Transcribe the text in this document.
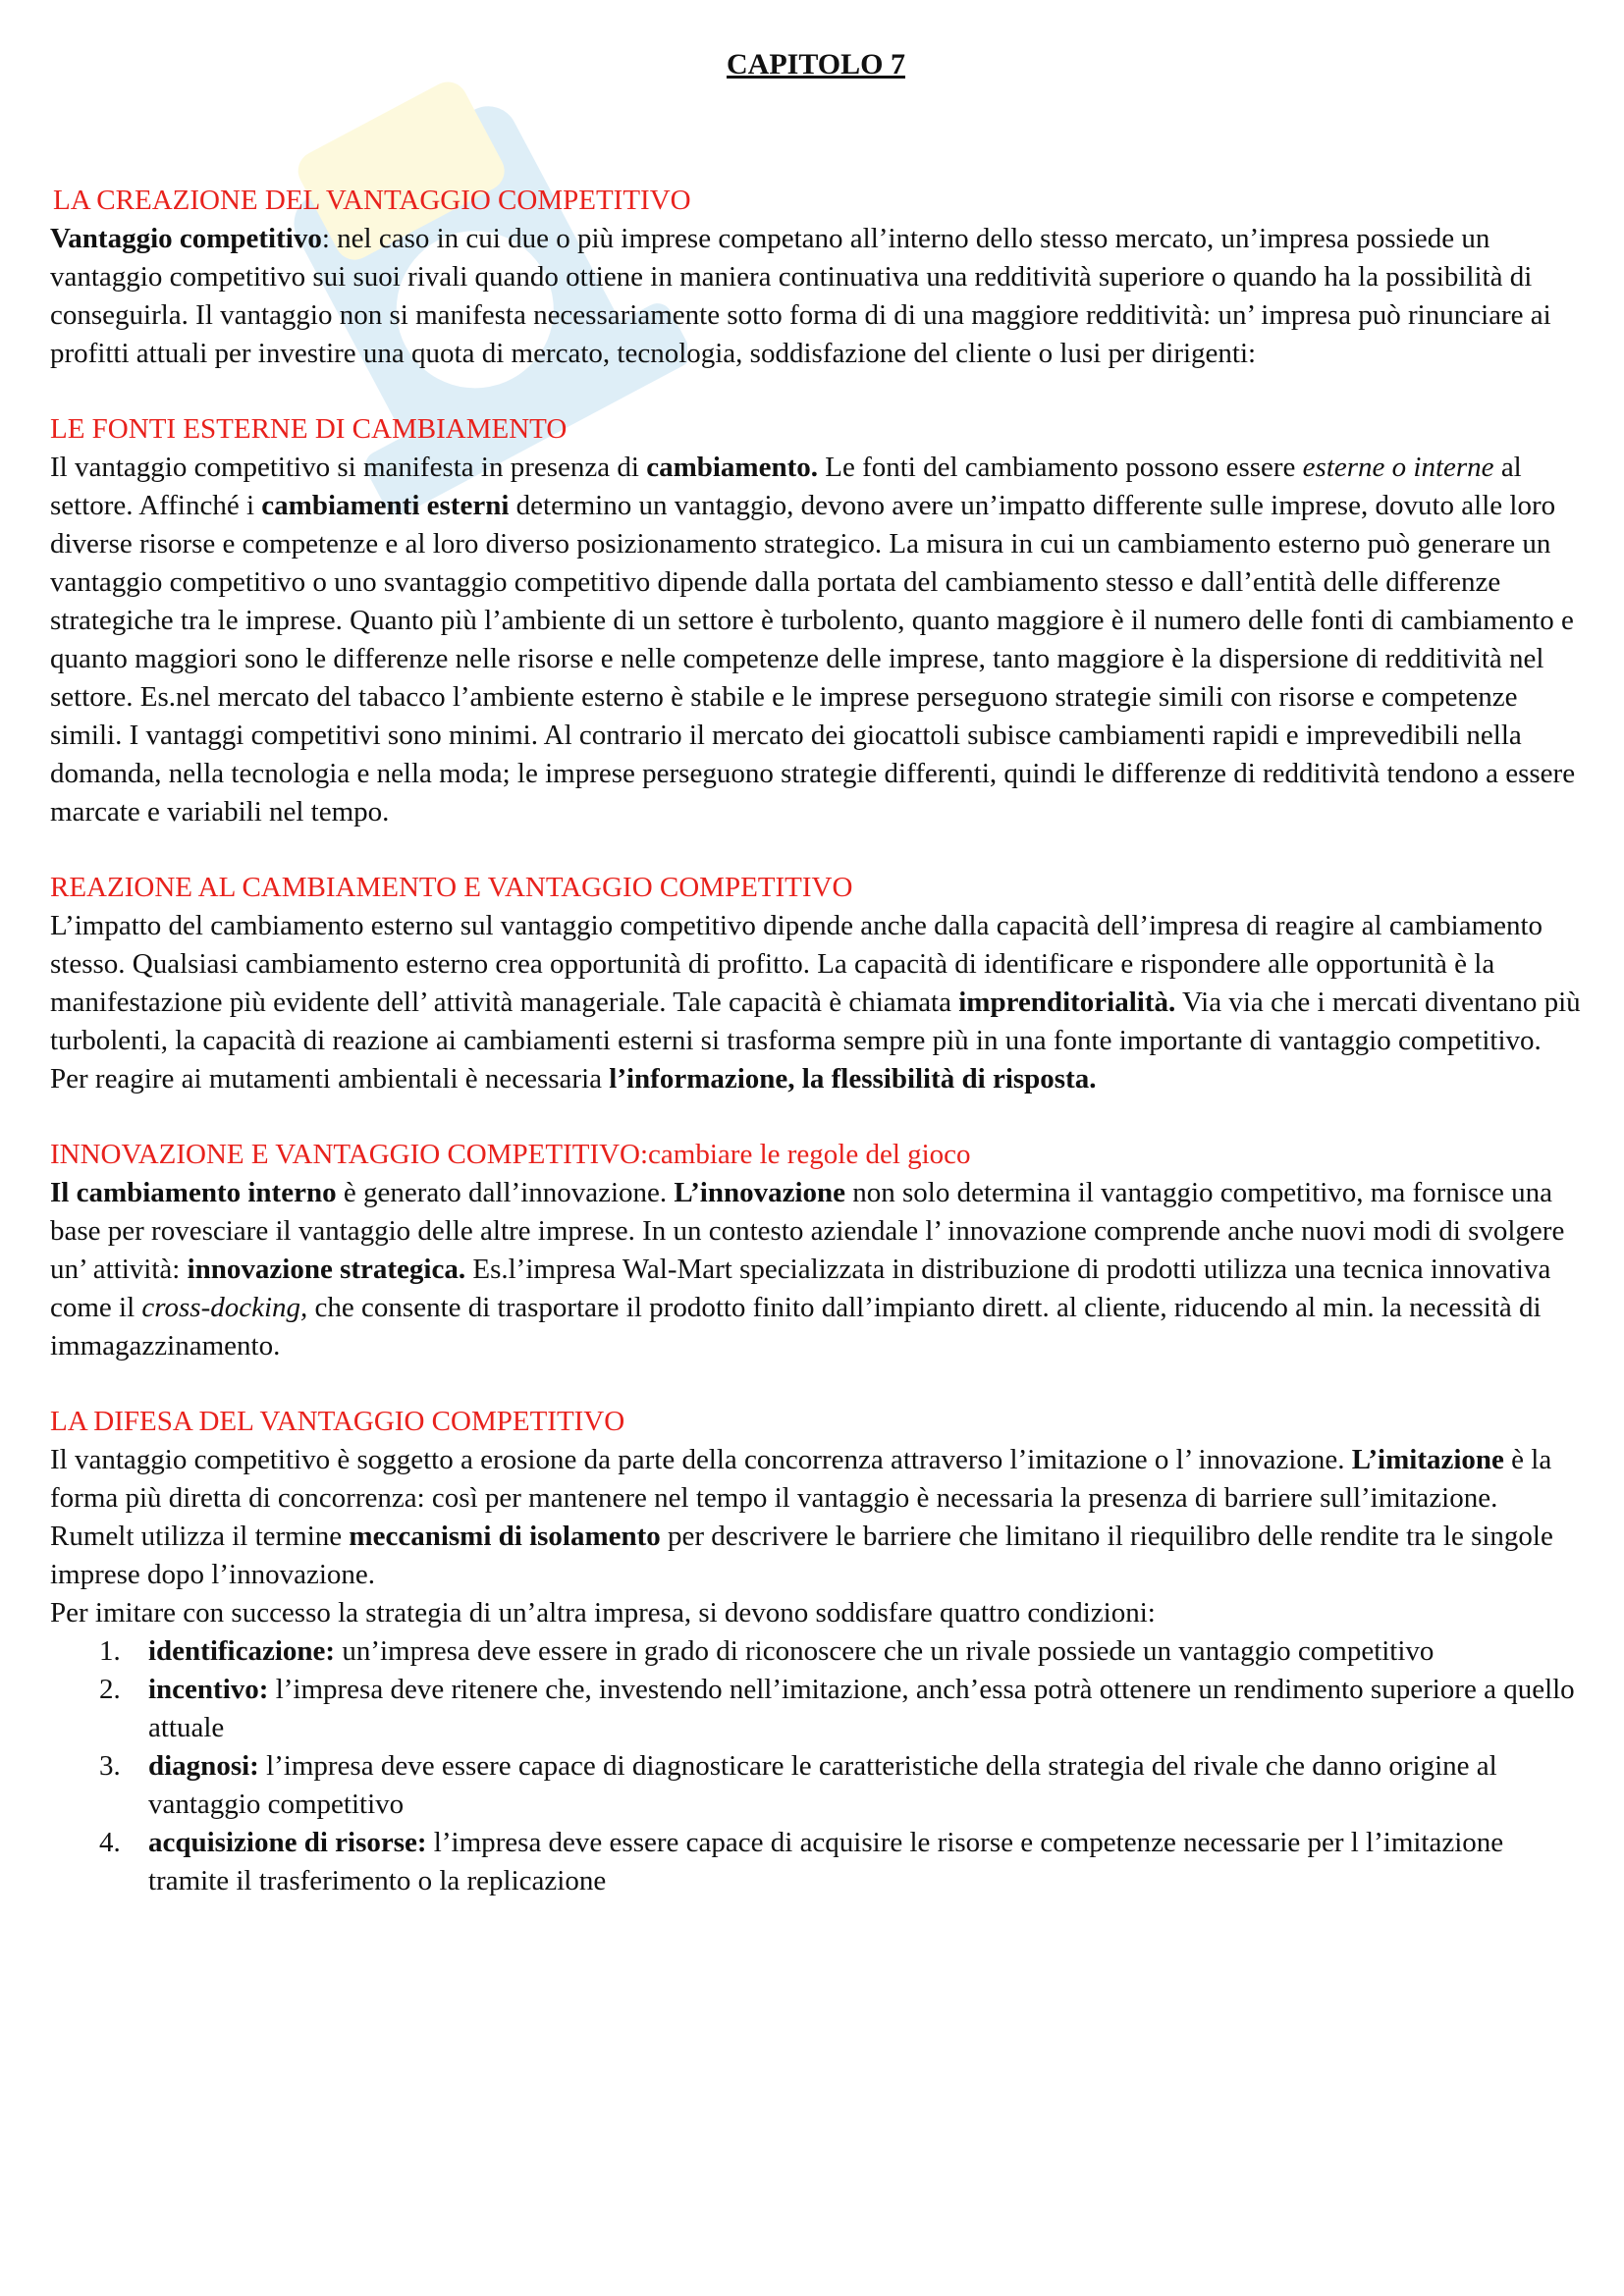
CAPITOLO 7
LA CREAZIONE DEL VANTAGGIO COMPETITIVO

Vantaggio competitivo: nel caso in cui due o più imprese competano all’interno dello stesso mercato, un’impresa possiede un vantaggio competitivo sui suoi rivali quando ottiene in maniera continuativa una redditività superiore o quando ha la possibilità di conseguirla. Il vantaggio non si manifesta necessariamente sotto forma di di una maggiore redditività: un’ impresa può rinunciare ai profitti attuali per investire una quota di mercato, tecnologia, soddisfazione del cliente o lusi per dirigenti:

LE FONTI ESTERNE DI CAMBIAMENTO

Il vantaggio competitivo si manifesta in presenza di cambiamento. Le fonti del cambiamento possono essere esterne o interne al settore. Affinché i cambiamenti esterni determino un vantaggio, devono avere un’impatto differente sulle imprese, dovuto alle loro diverse risorse e competenze e al loro diverso posizionamento strategico. La misura in cui un cambiamento esterno può generare un vantaggio competitivo o uno svantaggio competitivo dipende dalla portata del cambiamento stesso e dall’entità delle differenze strategiche tra le imprese. Quanto più l’ambiente di un settore è turbolento, quanto maggiore è il numero delle fonti di cambiamento e quanto maggiori sono le differenze nelle risorse e nelle competenze delle imprese, tanto maggiore è la dispersione di redditività nel settore. Es.nel mercato del tabacco l’ambiente esterno è stabile e le imprese perseguono strategie simili con risorse e competenze simili. I vantaggi competitivi sono minimi. Al contrario il mercato dei giocattoli subisce cambiamenti rapidi e imprevedibili nella domanda, nella tecnologia e nella moda; le imprese perseguono strategie differenti, quindi le differenze di redditività tendono a essere marcate e variabili nel tempo.

REAZIONE AL CAMBIAMENTO E VANTAGGIO COMPETITIVO

L’impatto del cambiamento esterno sul vantaggio competitivo dipende anche dalla capacità dell’impresa di reagire al cambiamento stesso. Qualsiasi cambiamento esterno crea opportunità di profitto. La capacità di identificare e rispondere alle opportunità è la manifestazione più evidente dell’ attività manageriale. Tale capacità è chiamata imprenditorialità. Via via che i mercati diventano più turbolenti, la capacità di reazione ai cambiamenti esterni si trasforma sempre più in una fonte importante di vantaggio competitivo. Per reagire ai mutamenti ambientali è necessaria l’informazione, la flessibilità di risposta.

INNOVAZIONE E VANTAGGIO COMPETITIVO:cambiare le regole del gioco

Il cambiamento interno è generato dall’innovazione. L’innovazione non solo determina il vantaggio competitivo, ma fornisce una base per rovesciare il vantaggio delle altre imprese. In un contesto aziendale l’ innovazione comprende anche nuovi modi di svolgere un’ attività: innovazione strategica. Es.l’impresa Wal-Mart specializzata in distribuzione di prodotti utilizza una tecnica innovativa come il cross-docking, che consente di trasportare il prodotto finito dall’impianto dirett. al cliente, riducendo al min. la necessità di immagazzinamento.

LA DIFESA DEL VANTAGGIO COMPETITIVO

Il vantaggio competitivo è soggetto a erosione da parte della concorrenza attraverso l’imitazione o l’ innovazione. L’imitazione è la forma più diretta di concorrenza: così per mantenere nel tempo il vantaggio è necessaria la presenza di barriere sull’imitazione. Rumelt utilizza il termine meccanismi di isolamento per descrivere le barriere che limitano il riequilibro delle rendite tra le singole imprese dopo l’innovazione.

Per imitare con successo la strategia di un’altra impresa, si devono soddisfare quattro condizioni:

1. identificazione: un’impresa deve essere in grado di riconoscere che un rivale possiede un vantaggio competitivo
2. incentivo: l’impresa deve ritenere che, investendo nell’imitazione, anch’essa potrà ottenere un rendimento superiore a quello attuale
3. diagnosi: l’impresa deve essere capace di diagnosticare le caratteristiche della strategia del rivale che danno origine al vantaggio competitivo
4. acquisizione di risorse: l’impresa deve essere capace di acquisire le risorse e competenze necessarie per l l’imitazione tramite il trasferimento o la replicazione
